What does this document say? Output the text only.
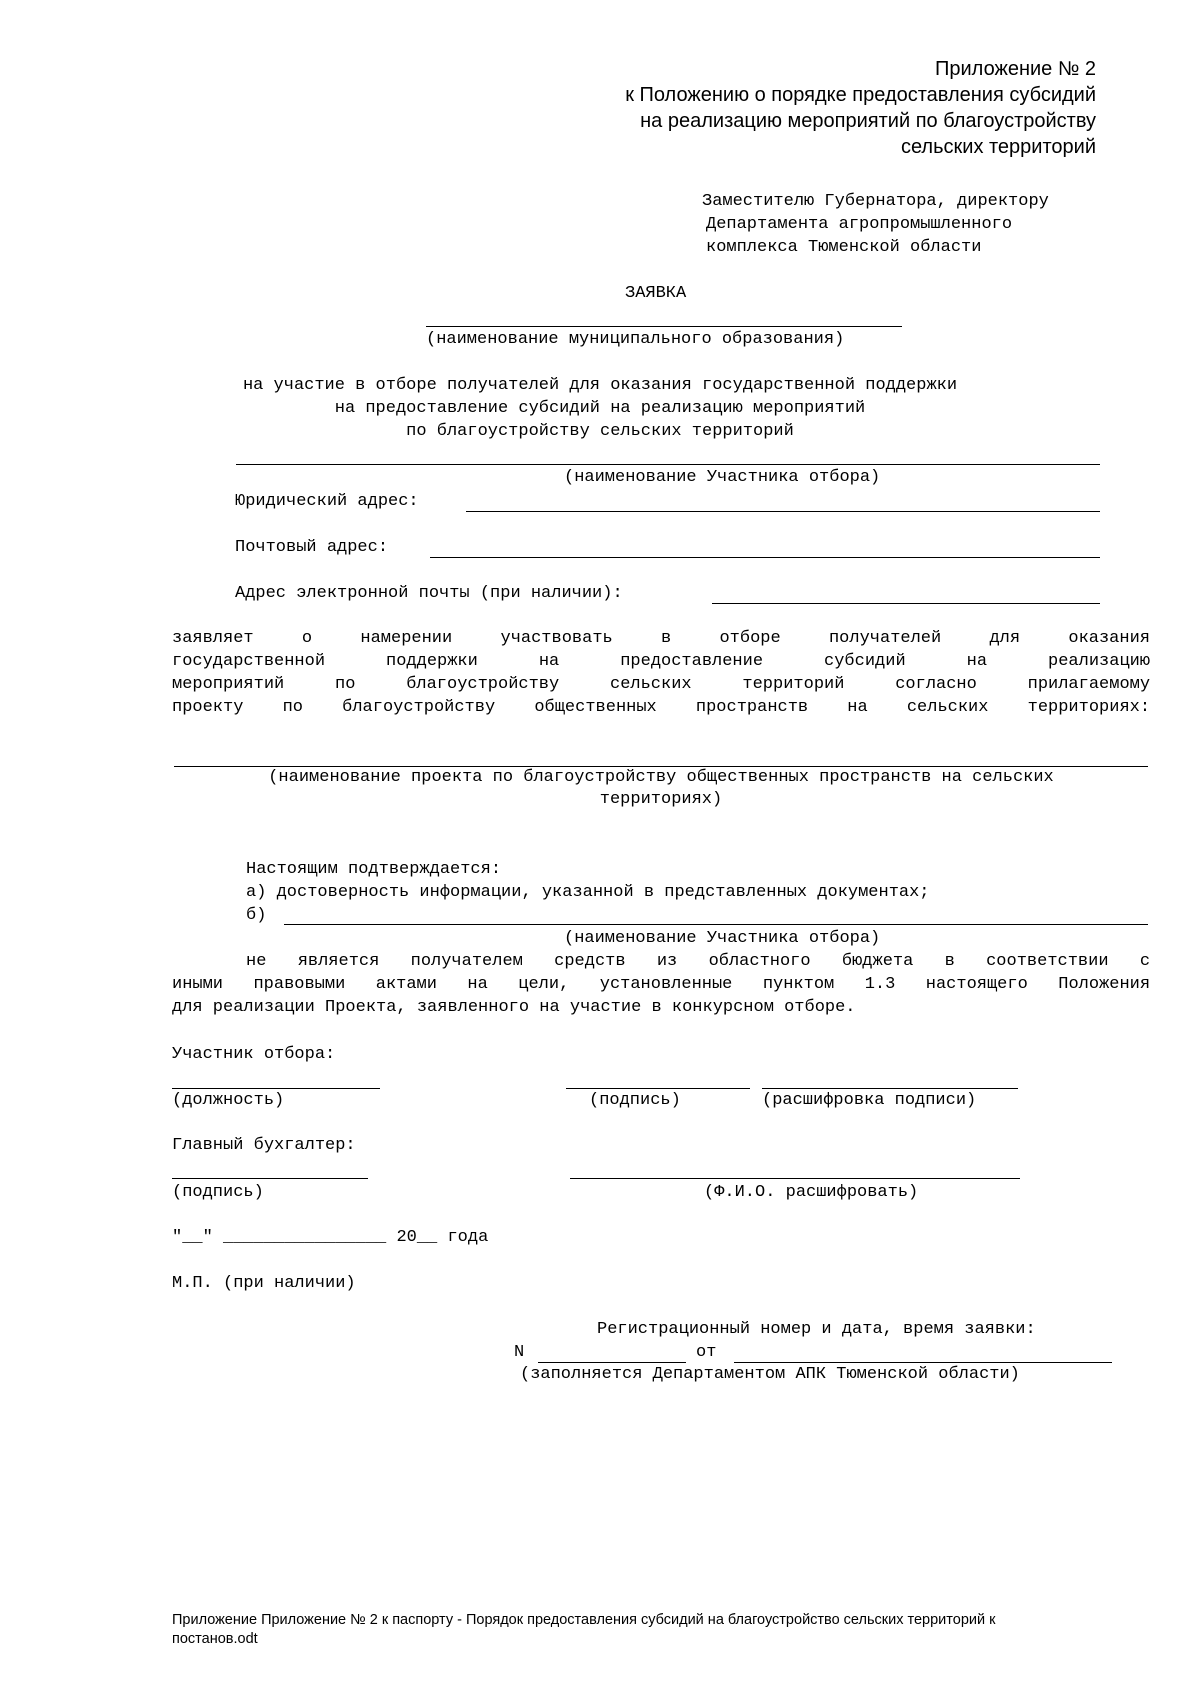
Приложение № 2
к Положению о порядке предоставления субсидий
на реализацию мероприятий по благоустройству
сельских территорий
Заместителю Губернатора, директору
Департамента агропромышленного
комплекса Тюменской области
ЗАЯВКА
(наименование муниципального образования)
на участие в отборе получателей для оказания государственной поддержки
на предоставление субсидий на реализацию мероприятий
по благоустройству сельских территорий
(наименование Участника отбора)
Юридический адрес:
Почтовый адрес:
Адрес электронной почты (при наличии):
заявляет	о	намерении	участвовать	в	отборе	получателей	для	оказания
государственной	поддержки	на	предоставление	субсидий	на	реализацию
мероприятий	по	благоустройству	сельских	территорий	согласно	прилагаемому
проекту по благоустройству общественных пространств на сельских территориях:
(наименование проекта по благоустройству общественных пространств на сельских
территориях)
Настоящим подтверждается:
а) достоверность информации, указанной в представленных документах;
б)
(наименование Участника отбора)
не является получателем средств из областного бюджета в соответствии с
иными правовыми актами на цели, установленные пунктом 1.3 настоящего Положения
для реализации Проекта, заявленного на участие в конкурсном отборе.
Участник отбора:
(должность)	(подпись)	(расшифровка подписи)
Главный бухгалтер:
(подпись)	(Ф.И.О. расшифровать)
"__" ________________ 20__ года
М.П. (при наличии)
Регистрационный номер и дата, время заявки:
N	от
(заполняется Департаментом АПК Тюменской области)
Приложение Приложение № 2 к паспорту - Порядок предоставления субсидий на благоустройство сельских территорий к
постанов.odt
